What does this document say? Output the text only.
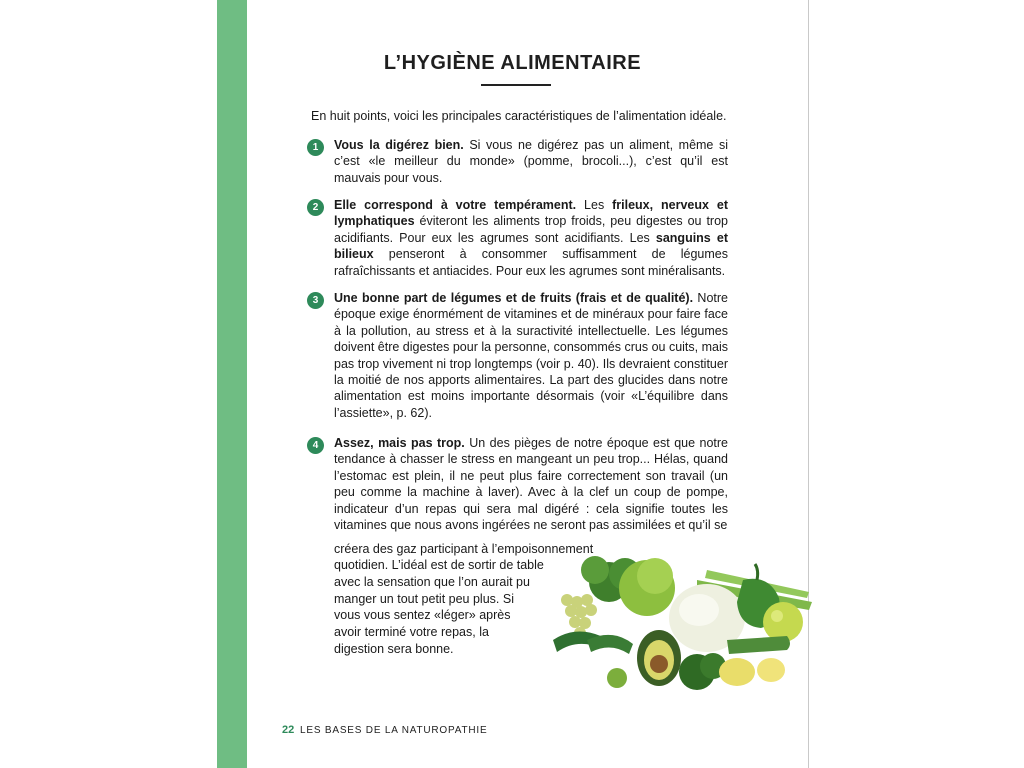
L’HYGIÈNE ALIMENTAIRE
En huit points, voici les principales caractéristiques de l’alimentation idéale.
1	Vous la digérez bien. Si vous ne digérez pas un aliment, même si c’est «le meilleur du monde» (pomme, brocoli...), c’est qu’il est mauvais pour vous.
2	Elle correspond à votre tempérament. Les frileux, nerveux et lymphatiques éviteront les aliments trop froids, peu digestes ou trop acidifiants. Pour eux les agrumes sont acidifiants. Les sanguins et bilieux penseront à consommer suffisamment de légumes rafraîchissants et antiacides. Pour eux les agrumes sont minéralisants.
3	Une bonne part de légumes et de fruits (frais et de qualité). Notre époque exige énormément de vitamines et de minéraux pour faire face à la pollution, au stress et à la suractivité intellectuelle. Les légumes doivent être digestes pour la personne, consommés crus ou cuits, mais pas trop vivement ni trop longtemps (voir p. 40). Ils devraient constituer la moitié de nos apports alimentaires. La part des glucides dans notre alimentation est moins importante désormais (voir «L’équilibre dans l’assiette», p. 62).
4	Assez, mais pas trop. Un des pièges de notre époque est que notre tendance à chasser le stress en mangeant un peu trop... Hélas, quand l’estomac est plein, il ne peut plus faire correctement son travail (un peu comme la machine à laver). Avec à la clef un coup de pompe, indicateur d’un repas qui sera mal digéré : cela signifie toutes les vitamines que nous avons ingérées ne seront pas assimilées et qu’il se
créera des gaz participant à l’empoisonnement
quotidien. L’idéal est de sortir de table
avec la sensation que l’on aurait pu
manger un tout petit peu plus. Si
vous vous sentez «léger» après
avoir terminé votre repas, la
digestion sera bonne.
22 LES BASES DE LA NATUROPATHIE
